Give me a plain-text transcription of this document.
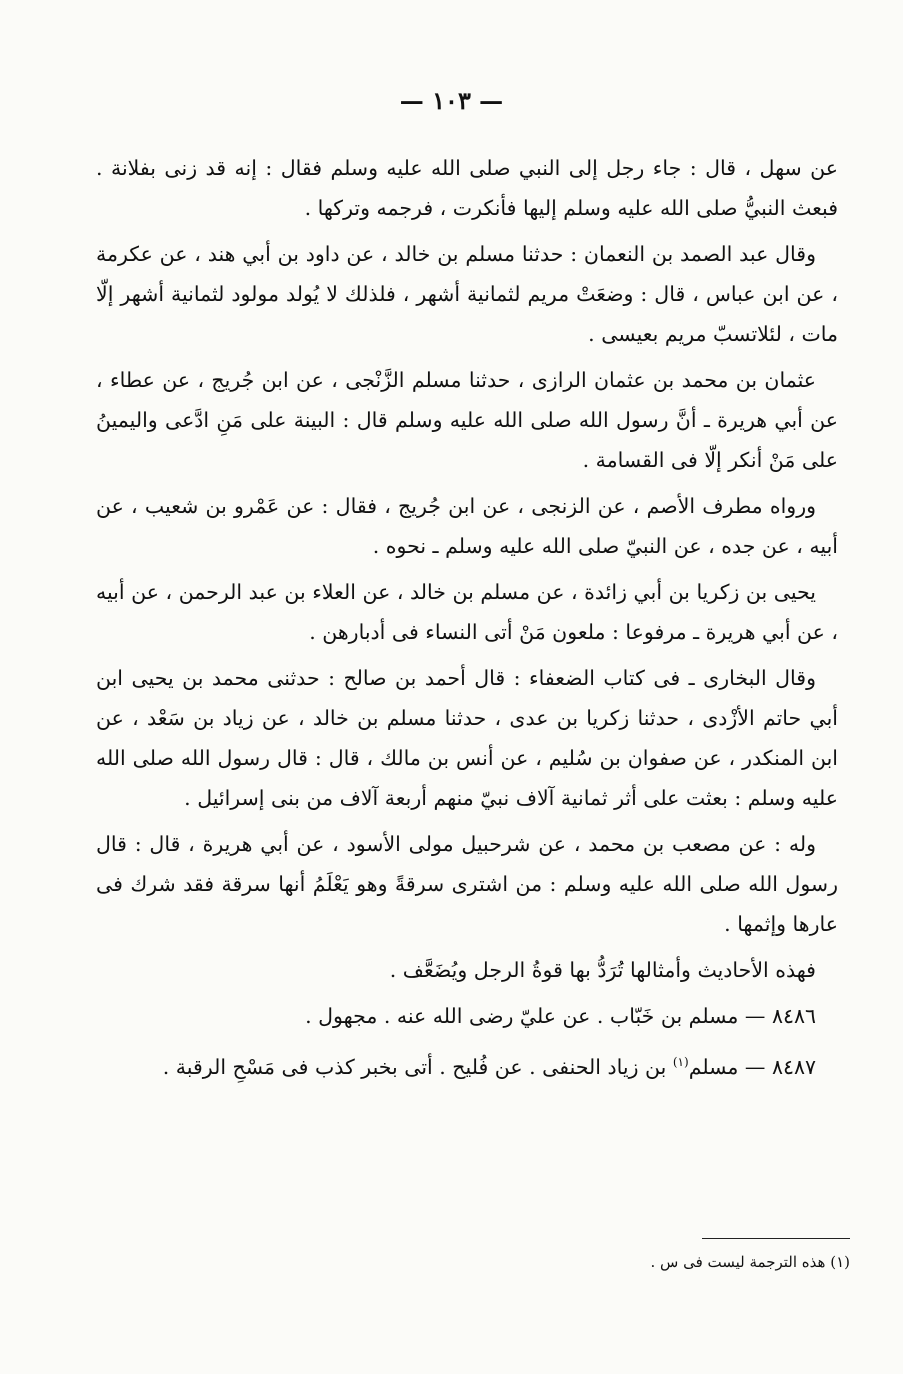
— ١٠٣ —

عن سهل ، قال : جاء رجل إلى النبي صلى الله عليه وسلم فقال : إنه قد زنى بفلانة . فبعث النبيُّ صلى الله عليه وسلم إليها فأنكرت ، فرجمه وتركها .

وقال عبد الصمد بن النعمان : حدثنا مسلم بن خالد ، عن داود بن أبي هند ، عن عكرمة ، عن ابن عباس ، قال : وضعَتْ مريم لثمانية أشهر ، فلذلك لا يُولد مولود لثمانية أشهر إلّا مات ، لئلاتسبّ مريم بعيسى .

عثمان بن محمد بن عثمان الرازى ، حدثنا مسلم الزَّنْجى ، عن ابن جُريج ، عن عطاء ، عن أبي هريرة ـ أنَّ رسول الله صلى الله عليه وسلم قال : البينة على مَنِ ادَّعى واليمينُ على مَنْ أنكر إلّا فى القسامة .

ورواه مطرف الأصم ، عن الزنجى ، عن ابن جُريج ، فقال : عن عَمْرو بن شعيب ، عن أبيه ، عن جده ، عن النبيّ صلى الله عليه وسلم ـ نحوه .

يحيى بن زكريا بن أبي زائدة ، عن مسلم بن خالد ، عن العلاء بن عبد الرحمن ، عن أبيه ، عن أبي هريرة ـ مرفوعا : ملعون مَنْ أتى النساء فى أدبارهن .

وقال البخارى ـ فى كتاب الضعفاء : قال أحمد بن صالح : حدثنى محمد بن يحيى ابن أبي حاتم الأزْدى ، حدثنا زكريا بن عدى ، حدثنا مسلم بن خالد ، عن زياد بن سَعْد ، عن ابن المنكدر ، عن صفوان بن سُليم ، عن أنس بن مالك ، قال : قال رسول الله صلى الله عليه وسلم : بعثت على أثر ثمانية آلاف نبيّ منهم أربعة آلاف من بنى إسرائيل .

وله : عن مصعب بن محمد ، عن شرحبيل مولى الأسود ، عن أبي هريرة ، قال : قال رسول الله صلى الله عليه وسلم : من اشترى سرقةً وهو يَعْلَمُ أنها سرقة فقد شرك فى عارها وإثمها .

فهذه الأحاديث وأمثالها تُرَدُّ بها قوةُ الرجل ويُضَعَّف .

٨٤٨٦ — مسلم بن خَبّاب . عن عليّ رضى الله عنه . مجهول .

٨٤٨٧ — مسلم$^{(١)}$ بن زياد الحنفى . عن فُليح . أتى بخبر كذب فى مَسْحِ الرقبة .

(١) هذه الترجمة ليست فى س .
